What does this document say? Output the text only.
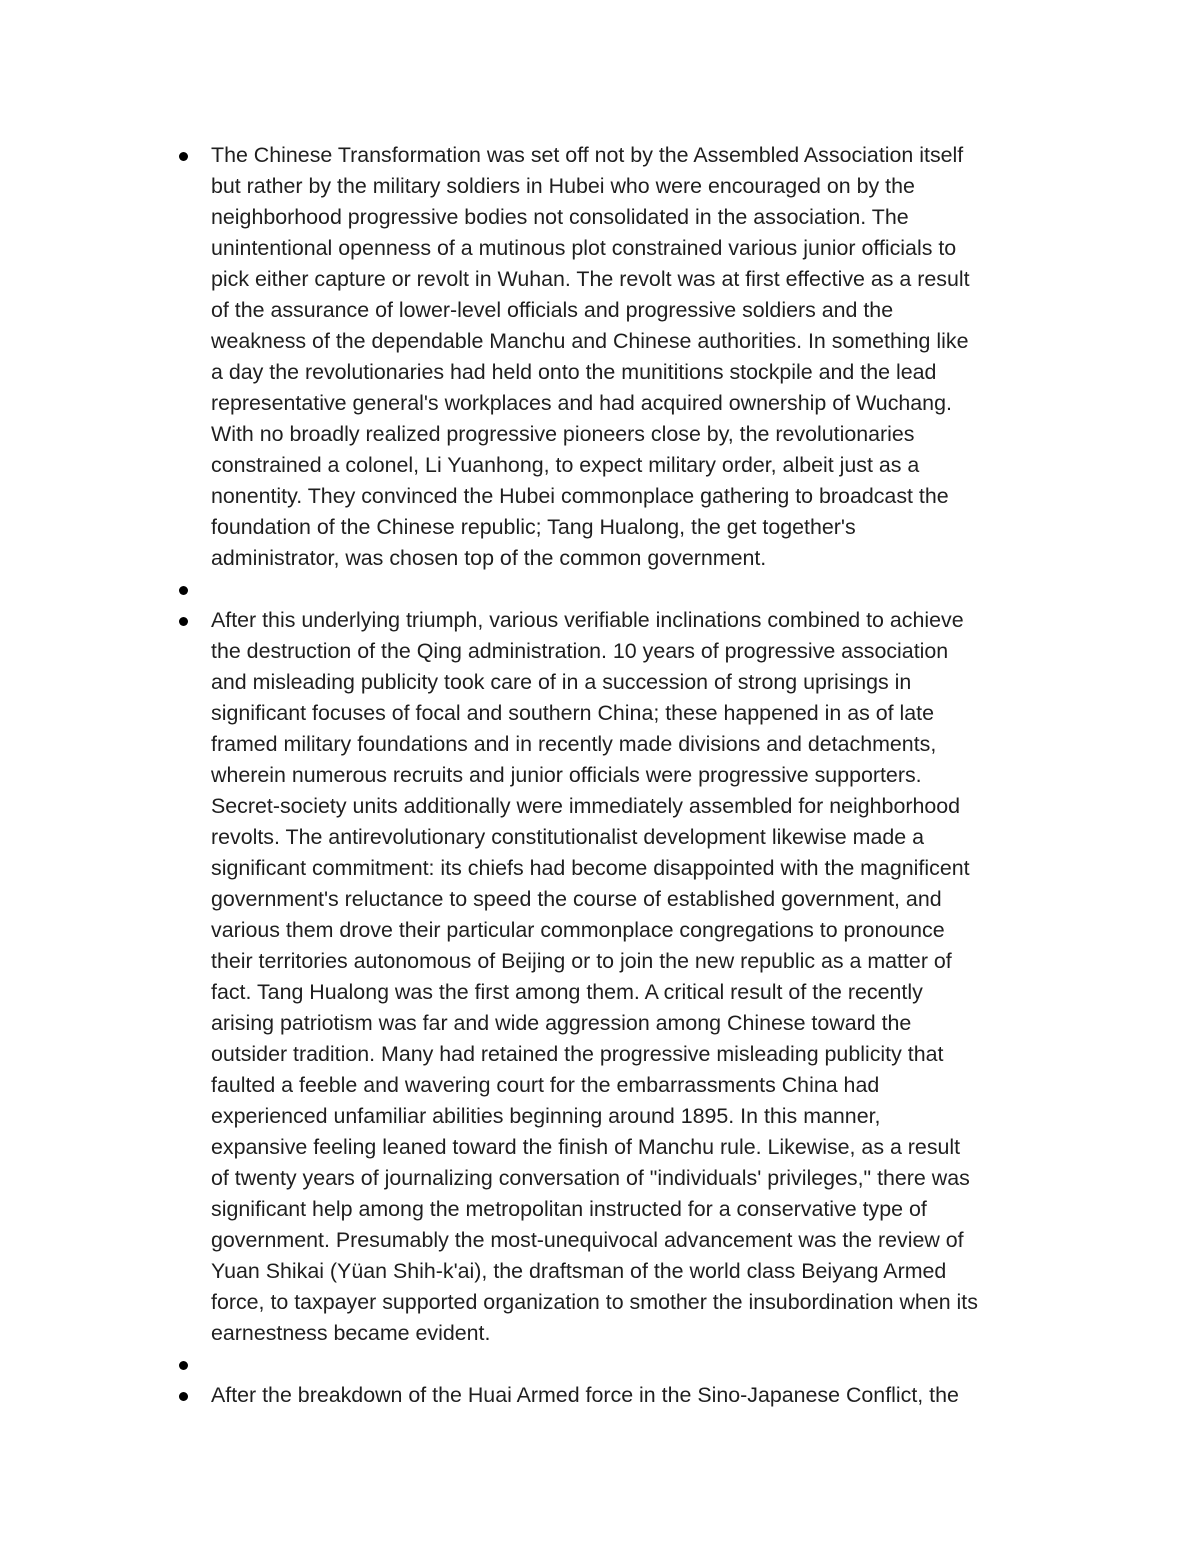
The Chinese Transformation was set off not by the Assembled Association itself
but rather by the military soldiers in Hubei who were encouraged on by the
neighborhood progressive bodies not consolidated in the association. The
unintentional openness of a mutinous plot constrained various junior officials to
pick either capture or revolt in Wuhan. The revolt was at first effective as a result
of the assurance of lower-level officials and progressive soldiers and the
weakness of the dependable Manchu and Chinese authorities. In something like
a day the revolutionaries had held onto the munititions stockpile and the lead
representative general's workplaces and had acquired ownership of Wuchang.
With no broadly realized progressive pioneers close by, the revolutionaries
constrained a colonel, Li Yuanhong, to expect military order, albeit just as a
nonentity. They convinced the Hubei commonplace gathering to broadcast the
foundation of the Chinese republic; Tang Hualong, the get together's
administrator, was chosen top of the common government.
After this underlying triumph, various verifiable inclinations combined to achieve
the destruction of the Qing administration. 10 years of progressive association
and misleading publicity took care of in a succession of strong uprisings in
significant focuses of focal and southern China; these happened in as of late
framed military foundations and in recently made divisions and detachments,
wherein numerous recruits and junior officials were progressive supporters.
Secret-society units additionally were immediately assembled for neighborhood
revolts. The antirevolutionary constitutionalist development likewise made a
significant commitment: its chiefs had become disappointed with the magnificent
government's reluctance to speed the course of established government, and
various them drove their particular commonplace congregations to pronounce
their territories autonomous of Beijing or to join the new republic as a matter of
fact. Tang Hualong was the first among them. A critical result of the recently
arising patriotism was far and wide aggression among Chinese toward the
outsider tradition. Many had retained the progressive misleading publicity that
faulted a feeble and wavering court for the embarrassments China had
experienced unfamiliar abilities beginning around 1895. In this manner,
expansive feeling leaned toward the finish of Manchu rule. Likewise, as a result
of twenty years of journalizing conversation of "individuals' privileges," there was
significant help among the metropolitan instructed for a conservative type of
government. Presumably the most-unequivocal advancement was the review of
Yuan Shikai (Yüan Shih-k'ai), the draftsman of the world class Beiyang Armed
force, to taxpayer supported organization to smother the insubordination when its
earnestness became evident.
After the breakdown of the Huai Armed force in the Sino-Japanese Conflict, the
